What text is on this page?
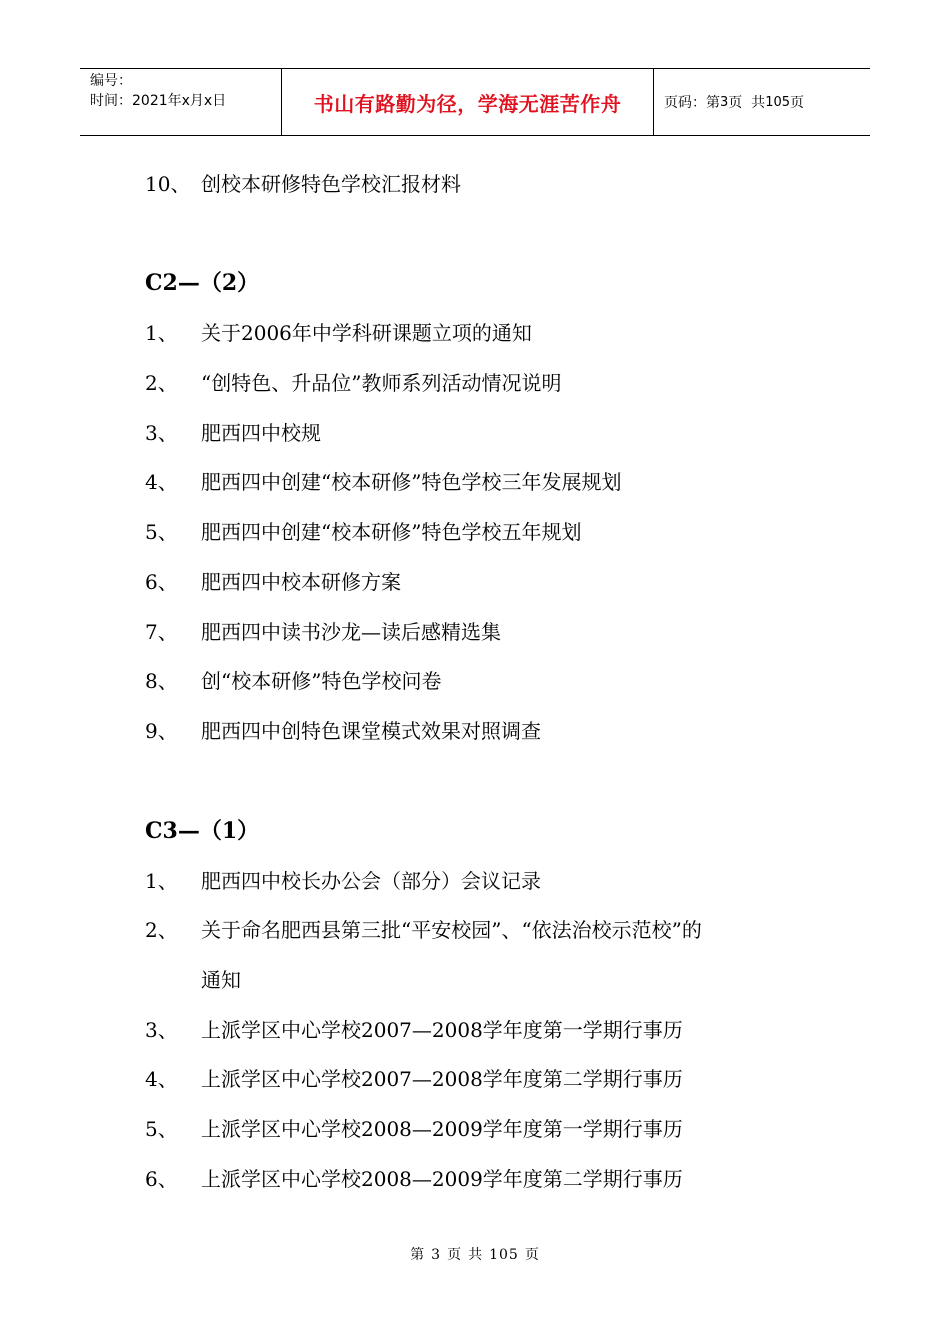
编号：
时间：2021年x月x日	书山有路勤为径，学海无涯苦作舟	页码：第 3 页  共 105 页
10、 创校本研修特色学校汇报材料
C2—（2）
1、 关于2006年中学科研课题立项的通知
2、 “创特色、升品位”教师系列活动情况说明
3、 肥西四中校规
4、 肥西四中创建“校本研修”特色学校三年发展规划
5、 肥西四中创建“校本研修”特色学校五年规划
6、 肥西四中校本研修方案
7、 肥西四中读书沙龙—读后感精选集
8、 创“校本研修”特色学校问卷
9、 肥西四中创特色课堂模式效果对照调查
C3—（1）
1、 肥西四中校长办公会（部分）会议记录
2、 关于命名肥西县第三批“平安校园”、“依法治校示范校”的
通知
3、 上派学区中心学校2007—2008学年度第一学期行事历
4、 上派学区中心学校2007—2008学年度第二学期行事历
5、 上派学区中心学校2008—2009学年度第一学期行事历
6、 上派学区中心学校2008—2009学年度第二学期行事历
第 3 页 共 105 页
